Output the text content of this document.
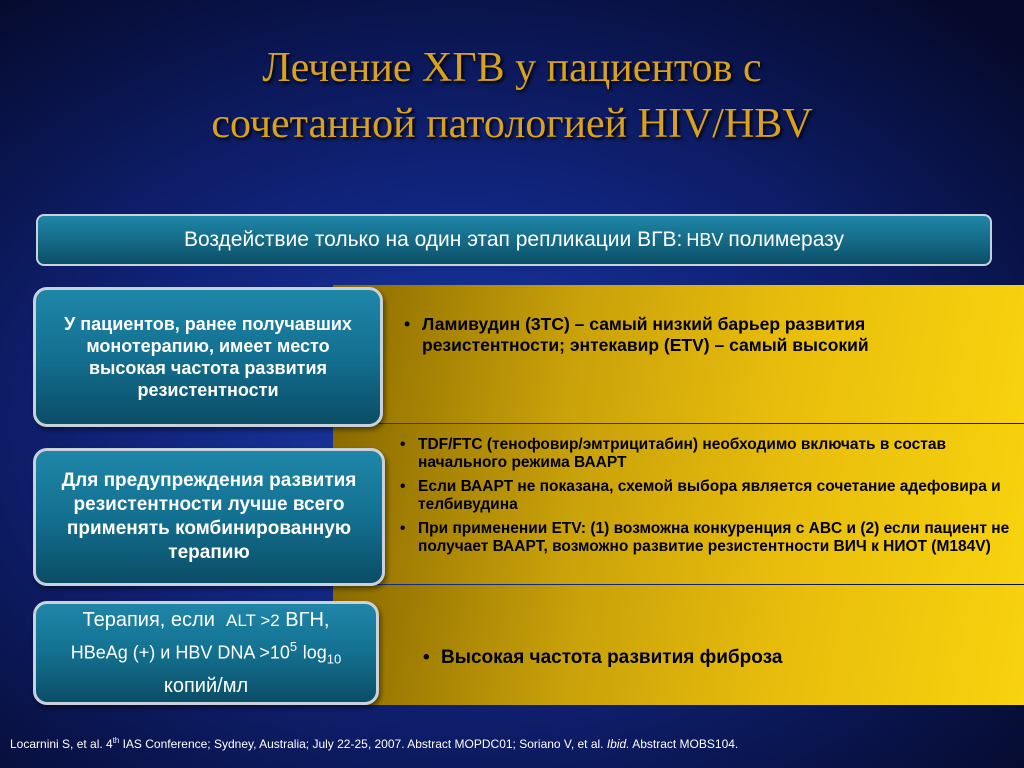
Лечение ХГВ у пациентов с
сочетанной патологией HIV/HBV
Воздействие только на один этап репликации ВГВ: HBV полимеразу
У пациентов, ранее получавших монотерапию, имеет место высокая частота развития резистентности
Для предупреждения развития резистентности лучше всего применять комбинированную терапию
Терапия, если ALT >2 ВГН,
HBeAg (+) и HBV DNA $>10^5$ $\log_{10}$
копий/мл
• Ламивудин (3TC) – самый низкий барьер развития резистентности; энтекавир (ETV) – самый высокий
• TDF/FTC (тенофовир/эмтрицитабин) необходимо включать в состав начального режима ВААРТ
• Если ВААРТ не показана, схемой выбора является сочетание адефовира и телбивудина
• При применении ETV: (1) возможна конкуренция с ABC и (2) если пациент не получает ВААРТ, возможно развитие резистентности ВИЧ к НИОТ (M184V)
• Высокая частота развития фиброза
Locarnini S, et al. 4th IAS Conference; Sydney, Australia; July 22-25, 2007. Abstract MOPDC01; Soriano V, et al. Ibid. Abstract MOBS104.
